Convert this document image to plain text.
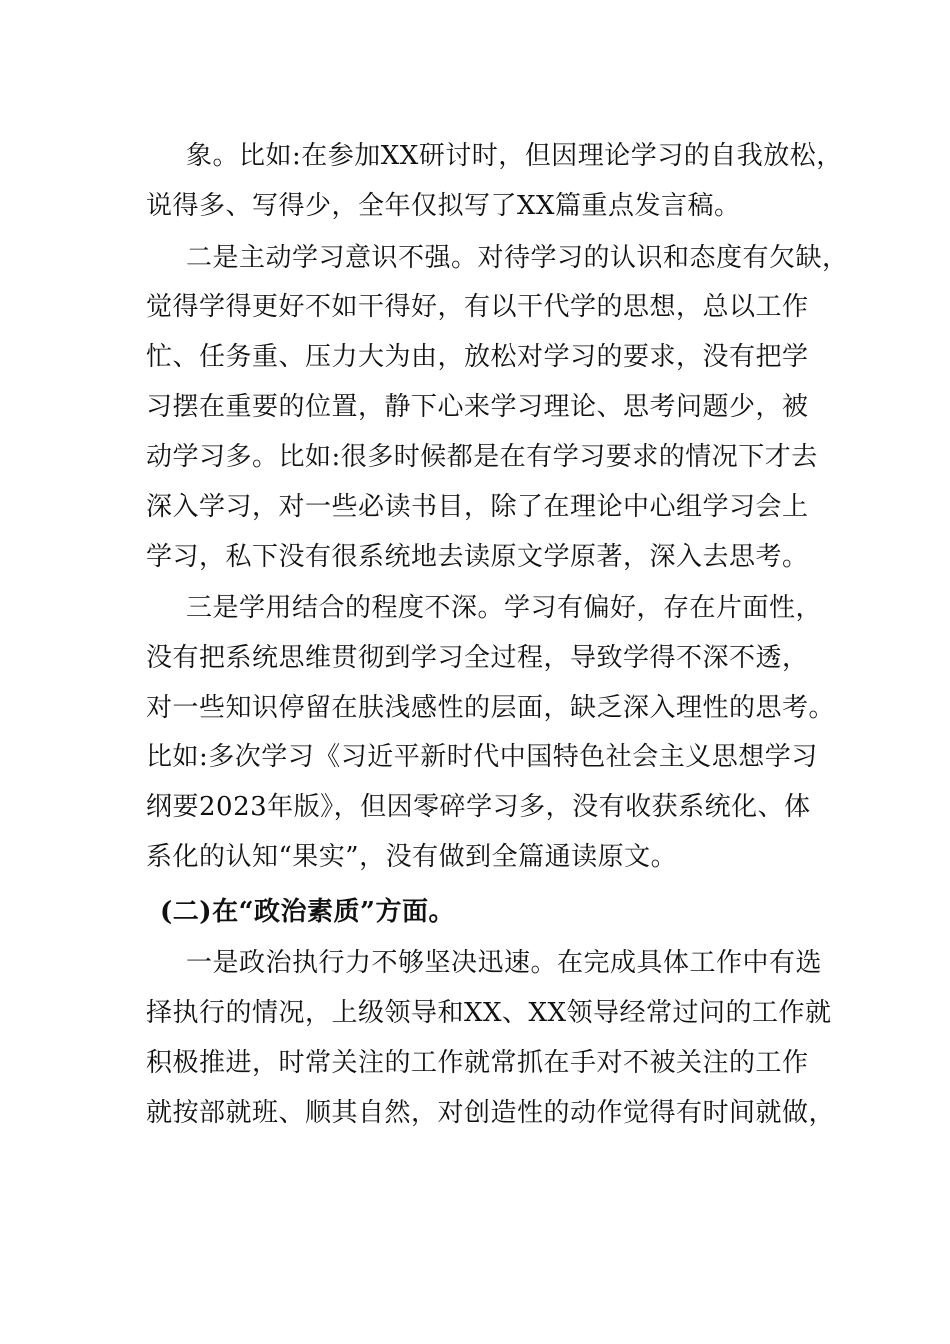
象。比如:在参加XX研讨时，但因理论学习的自我放松，
说得多、写得少，全年仅拟写了XX篇重点发言稿。
二是主动学习意识不强。对待学习的认识和态度有欠缺，
觉得学得更好不如干得好，有以干代学的思想，总以工作
忙、任务重、压力大为由，放松对学习的要求，没有把学
习摆在重要的位置，静下心来学习理论、思考问题少，被
动学习多。比如:很多时候都是在有学习要求的情况下才去
深入学习，对一些必读书目，除了在理论中心组学习会上
学习，私下没有很系统地去读原文学原著，深入去思考。
三是学用结合的程度不深。学习有偏好，存在片面性，
没有把系统思维贯彻到学习全过程，导致学得不深不透，
对一些知识停留在肤浅感性的层面，缺乏深入理性的思考。
比如:多次学习《习近平新时代中国特色社会主义思想学习
纲要2023年版》，但因零碎学习多，没有收获系统化、体
系化的认知“果实”，没有做到全篇通读原文。
(二)在“政治素质”方面。
一是政治执行力不够坚决迅速。在完成具体工作中有选
择执行的情况，上级领导和XX、XX领导经常过问的工作就
积极推进，时常关注的工作就常抓在手对不被关注的工作
就按部就班、顺其自然，对创造性的动作觉得有时间就做，
